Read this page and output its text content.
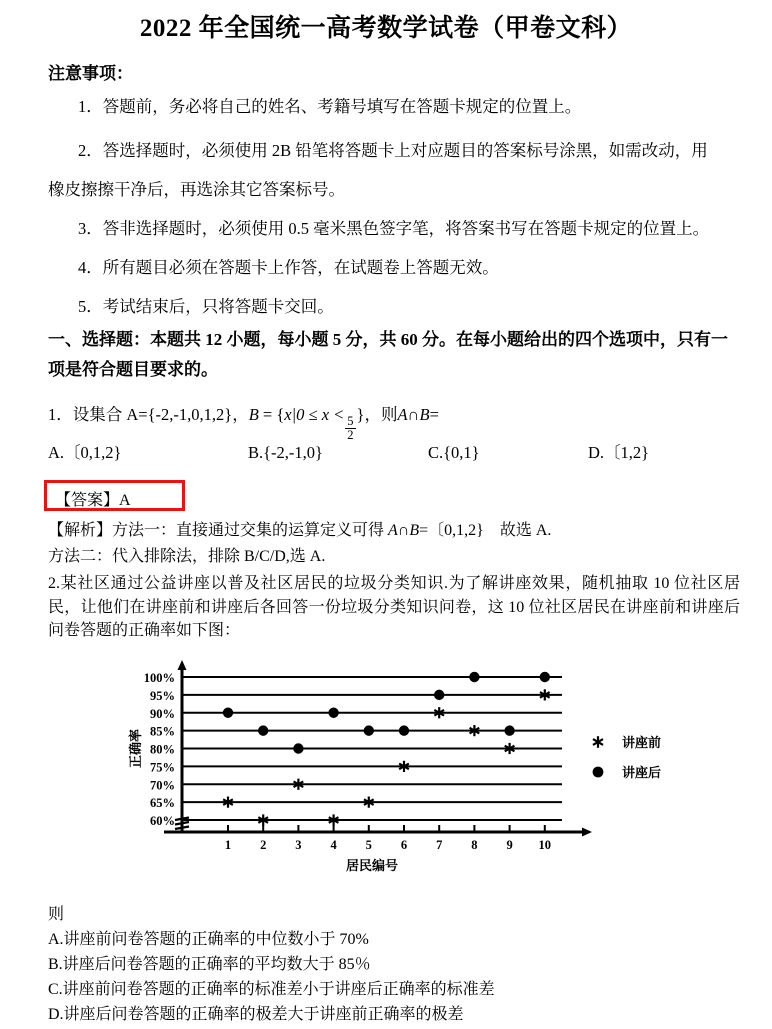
2022 年全国统一高考数学试卷（甲卷文科）
注意事项：
1．答题前，务必将自己的姓名、考籍号填写在答题卡规定的位置上。
2．答选择题时，必须使用 2B 铅笔将答题卡上对应题目的答案标号涂黑，如需改动，用
橡皮擦擦干净后，再选涂其它答案标号。
3．答非选择题时，必须使用 0.5 毫米黑色签字笔，将答案书写在答题卡规定的位置上。
4．所有题目必须在答题卡上作答，在试题卷上答题无效。
5．考试结束后，只将答题卡交回。
一、选择题：本题共 12 小题，每小题 5 分，共 60 分。在每小题给出的四个选项中，只有一项是符合题目要求的。
1．设集合 A={-2,-1,0,1,2}，B = {x|0 ≤ x <
$\frac{5}{2}$
}，则A∩B=
A.〔0,1,2}	B.{-2,-1,0}	C.{0,1}	D.〔1,2}
【答案】A
【解析】方法一：直接通过交集的运算定义可得 A∩B=〔0,1,2}　故选 A.
方法二：代入排除法，排除 B/C/D,选 A.
2.某社区通过公益讲座以普及社区居民的垃圾分类知识.为了解讲座效果，随机抽取 10 位社区居民，让他们在讲座前和讲座后各回答一份垃圾分类知识问卷，这 10 位社区居民在讲座前和讲座后问卷答题的正确率如下图：
60%
65%
70%
75%
80%
85%
90%
95%
100%
1 2 3 4 5 6 7 8 9 10
居民编号
正确率	讲座前
讲座后
则
A.讲座前问卷答题的正确率的中位数小于 70%
B.讲座后问卷答题的正确率的平均数大于 85％
C.讲座前问卷答题的正确率的标准差小于讲座后正确率的标准差
D.讲座后问卷答题的正确率的极差大于讲座前正确率的极差
